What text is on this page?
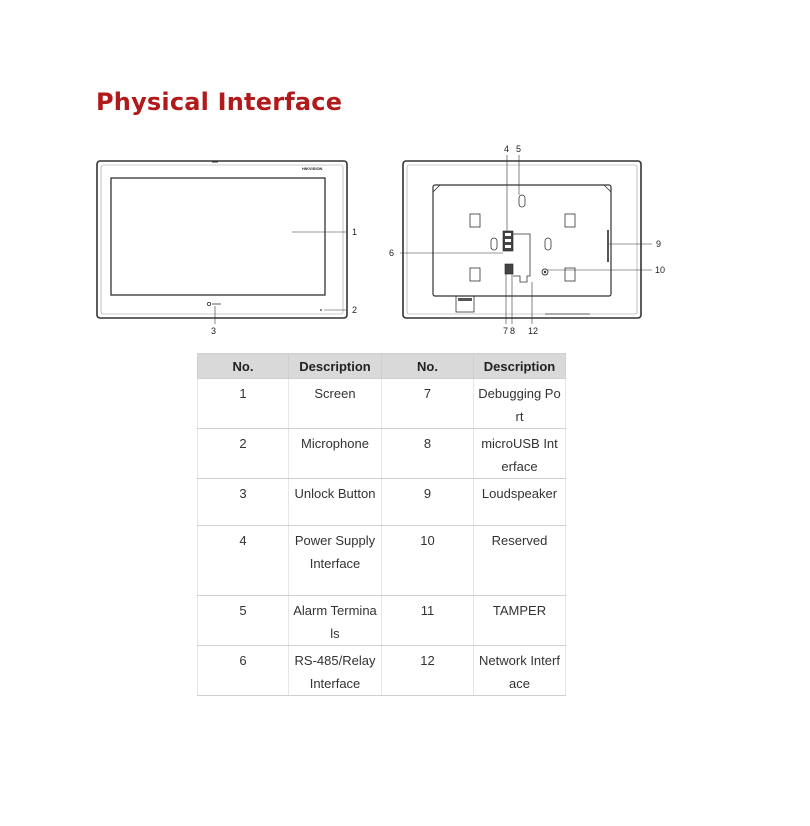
Physical Interface
HIKVISION
1
2
3
4 5
6
7 8
9
10
12
No.	Description	No.	Description
1	Screen	7	Debugging Port
2	Microphone	8	microUSB Interface
3	Unlock Button	9	Loudspeaker
4	Power Supply Interface	10	Reserved
5	Alarm Terminals	11	TAMPER
6	RS-485/Relay Interface	12	Network Interface
